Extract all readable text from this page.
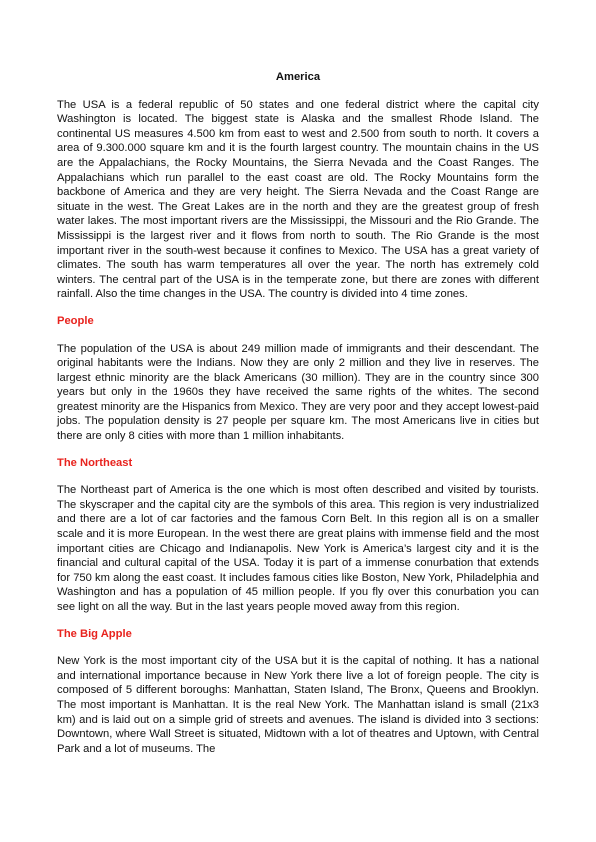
America

The USA is a federal republic of 50 states and one federal district where the capital city Washington is located. The biggest state is Alaska and the smallest Rhode Island. The continental US measures 4.500 km from east to west and 2.500 from south to north. It covers a area of 9.300.000 square km and it is the fourth largest country. The mountain chains in the US are the Appalachians, the Rocky Mountains, the Sierra Nevada and the Coast Ranges. The Appalachians which run parallel to the east coast are old. The Rocky Mountains form the backbone of America and they are very height. The Sierra Nevada and the Coast Range are situate in the west. The Great Lakes are in the north and they are the greatest group of fresh water lakes. The most important rivers are the Mississippi, the Missouri and the Rio Grande. The Mississippi is the largest river and it flows from north to south. The Rio Grande is the most important river in the south-west because it confines to Mexico. The USA has a great variety of climates. The south has warm temperatures all over the year. The north has extremely cold winters. The central part of the USA is in the temperate zone, but there are zones with different rainfall. Also the time changes in the USA. The country is divided into 4 time zones.

People

The population of the USA is about 249 million made of immigrants and their descendant. The original habitants were the Indians. Now they are only 2 million and they live in reserves. The largest ethnic minority are the black Americans (30 million). They are in the country since 300 years but only in the 1960s they have received the same rights of the whites. The second greatest minority are the Hispanics from Mexico. They are very poor and they accept lowest-paid jobs. The population density is 27 people per square km. The most Americans live in cities but there are only 8 cities with more than 1 million inhabitants.

The Northeast

The Northeast part of America is the one which is most often described and visited by tourists. The skyscraper and the capital city are the symbols of this area. This region is very industrialized and there are a lot of car factories and the famous Corn Belt. In this region all is on a smaller scale and it is more European. In the west there are great plains with immense field and the most important cities are Chicago and Indianapolis. New York is America’s largest city and it is the financial and cultural capital of the USA. Today it is part of a immense conurbation that extends for 750 km along the east coast. It includes famous cities like Boston, New York, Philadelphia and Washington and has a population of 45 million people. If you fly over this conurbation you can see light on all the way. But in the last years people moved away from this region.

The Big Apple

New York is the most important city of the USA but it is the capital of nothing. It has a national and international importance because in New York there live a lot of foreign people. The city is composed of 5 different boroughs: Manhattan, Staten Island, The Bronx, Queens and Brooklyn. The most important is Manhattan. It is the real New York. The Manhattan island is small (21x3 km) and is laid out on a simple grid of streets and avenues. The island is divided into 3 sections: Downtown, where Wall Street is situated, Midtown with a lot of theatres and Uptown, with Central Park and a lot of museums. The
